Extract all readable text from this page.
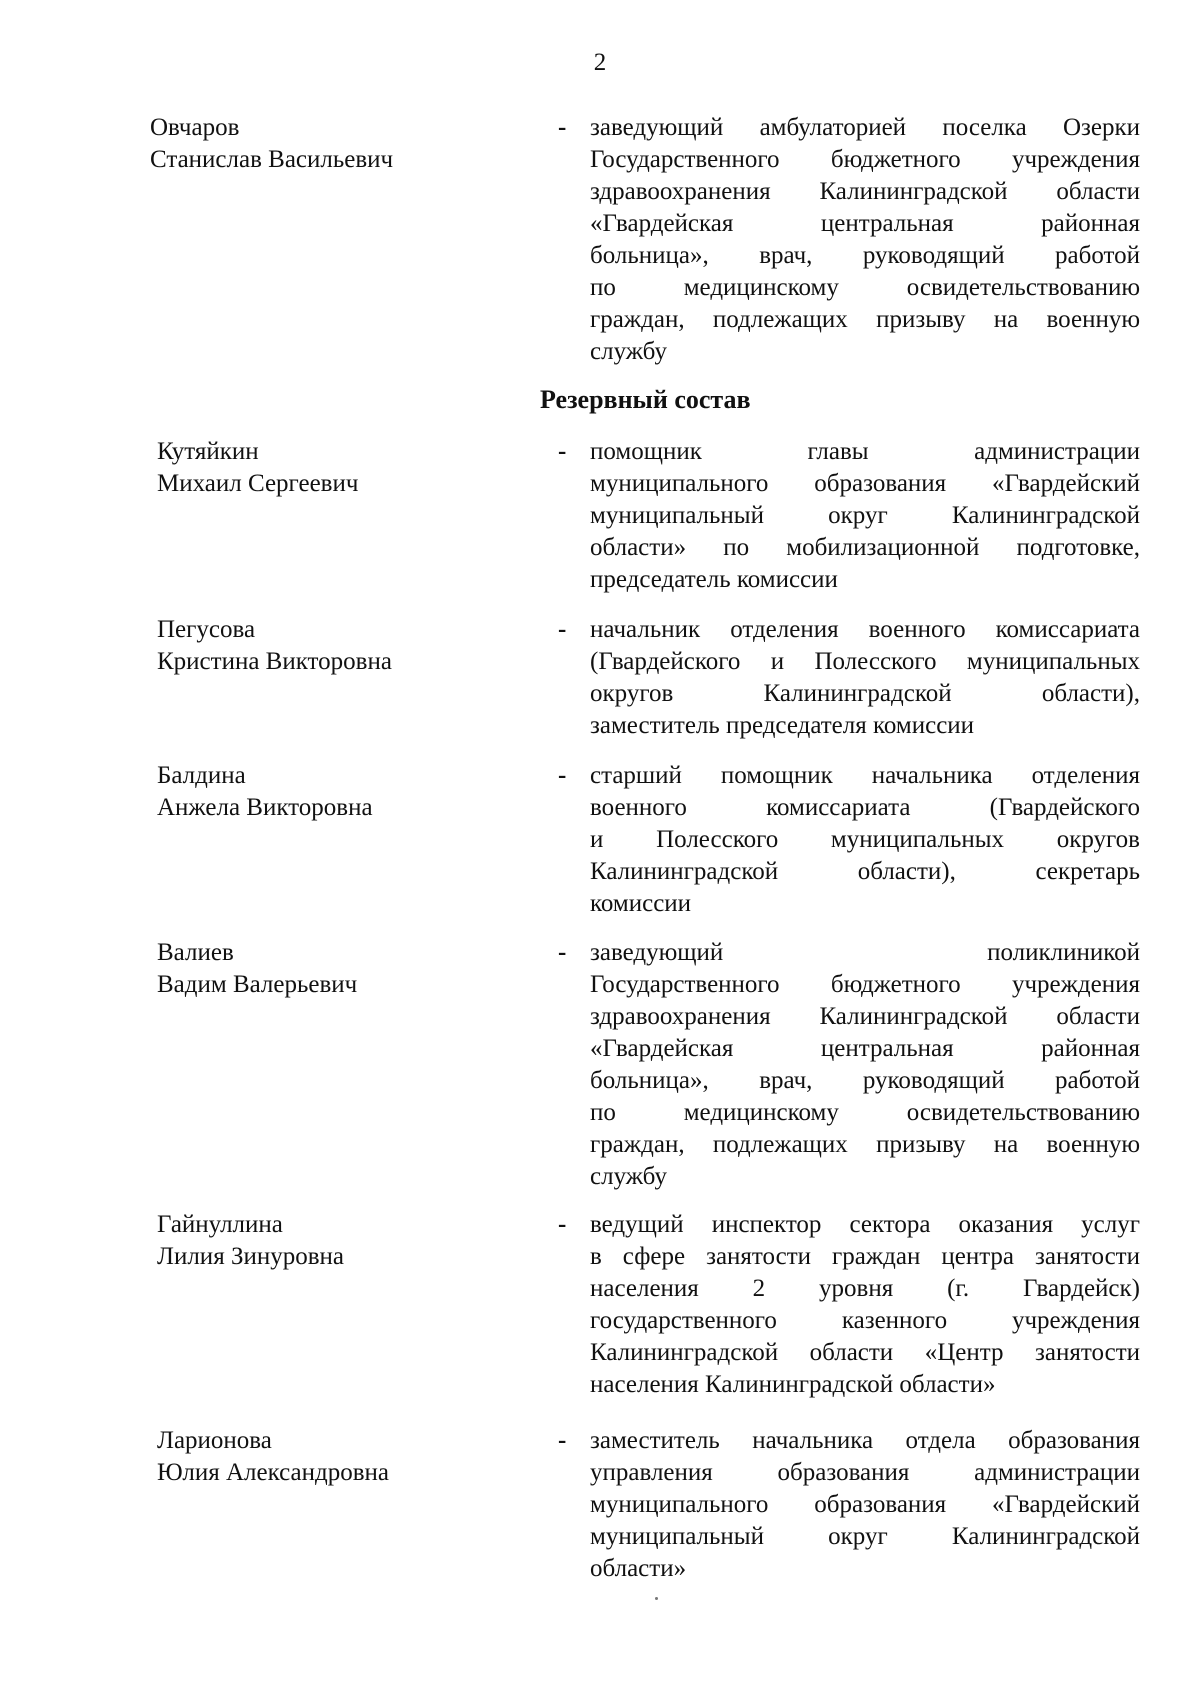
2
Овчаров
Станислав Васильевич
- заведующий амбулаторией поселка Озерки
Государственного бюджетного учреждения
здравоохранения Калининградской области
«Гвардейская центральная районная
больница», врач, руководящий работой
по медицинскому освидетельствованию
граждан, подлежащих призыву на военную
службу
Резервный состав
Кутяйкин
Михаил Сергеевич
- помощник главы администрации
муниципального образования «Гвардейский
муниципальный округ Калининградской
области» по мобилизационной подготовке,
председатель комиссии
Пегусова
Кристина Викторовна
- начальник отделения военного комиссариата
(Гвардейского и Полесского муниципальных
округов Калининградской области),
заместитель председателя комиссии
Балдина
Анжела Викторовна
- старший помощник начальника отделения
военного комиссариата (Гвардейского
и Полесского муниципальных округов
Калининградской области), секретарь
комиссии
Валиев
Вадим Валерьевич
- заведующий поликлиникой
Государственного бюджетного учреждения
здравоохранения Калининградской области
«Гвардейская центральная районная
больница», врач, руководящий работой
по медицинскому освидетельствованию
граждан, подлежащих призыву на военную
службу
Гайнуллина
Лилия Зинуровна
- ведущий инспектор сектора оказания услуг
в сфере занятости граждан центра занятости
населения 2 уровня (г. Гвардейск)
государственного казенного учреждения
Калининградской области «Центр занятости
населения Калининградской области»
Ларионова
Юлия Александровна
- заместитель начальника отдела образования
управления образования администрации
муниципального образования «Гвардейский
муниципальный округ Калининградской
области»
